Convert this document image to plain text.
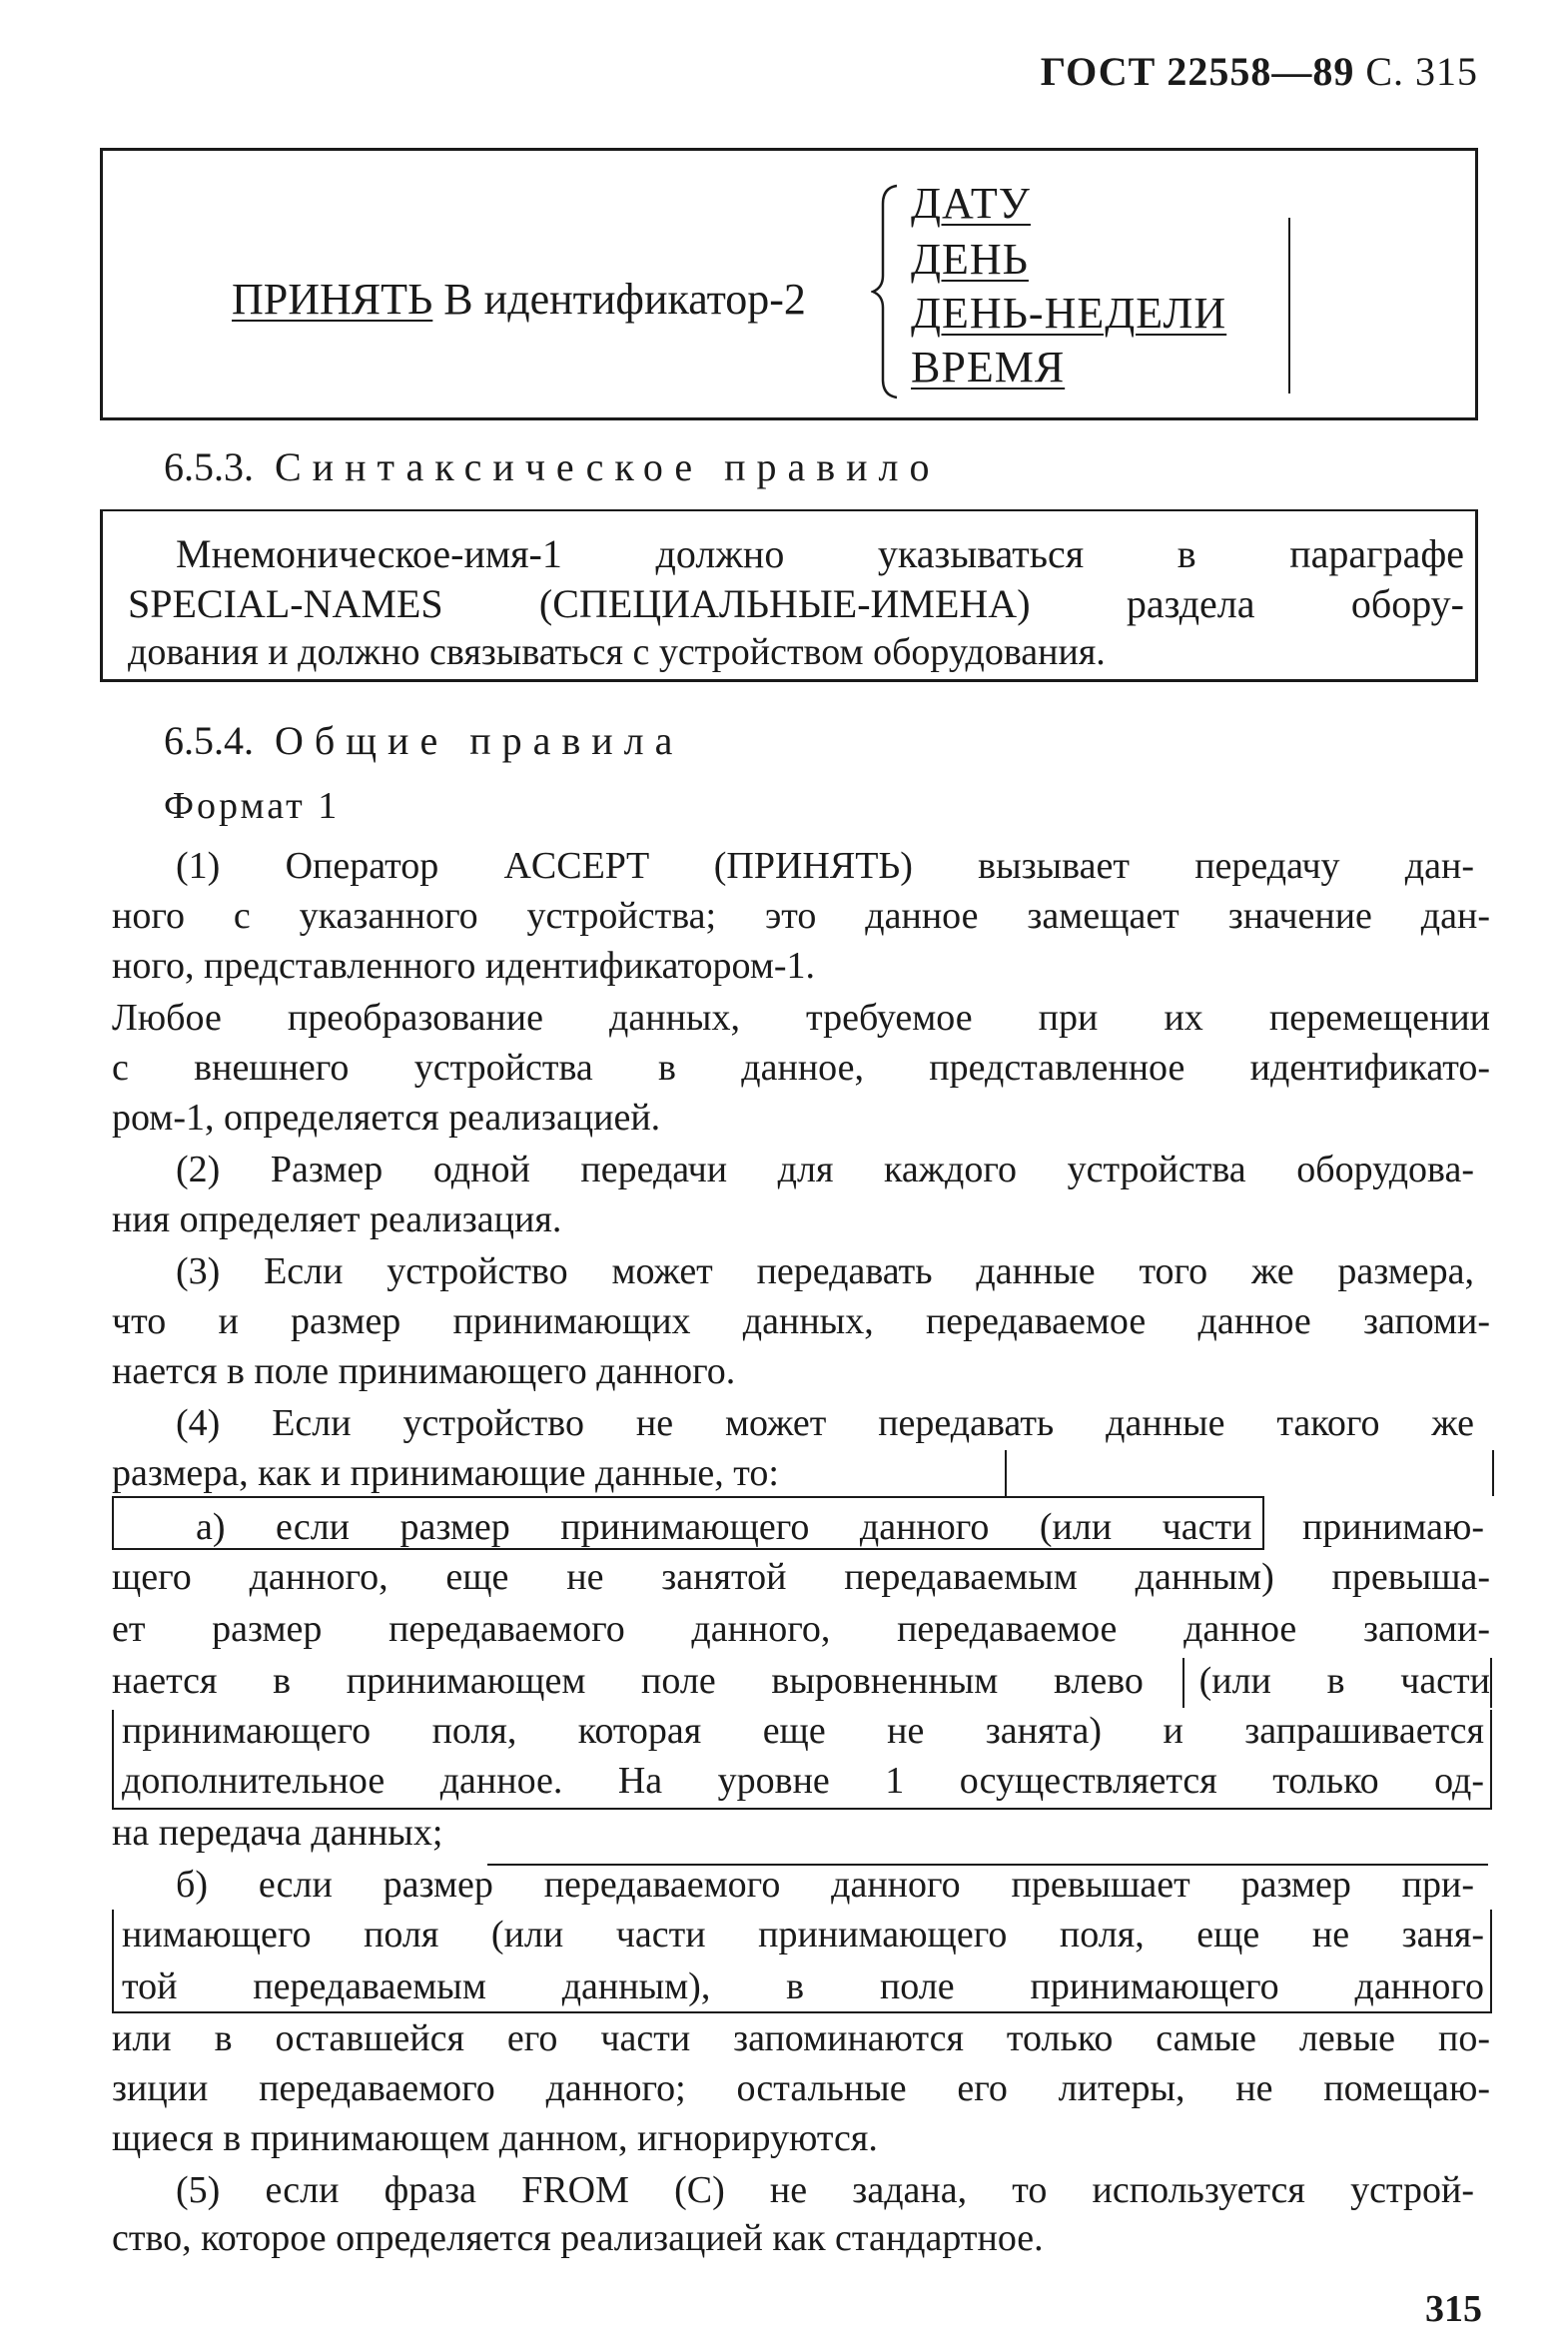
ГОСТ 22558—89 С. 315
ПРИНЯТЬ В идентификатор-2
ДАТУ
ДЕНЬ
ДЕНЬ-НЕДЕЛИ
ВРЕМЯ
6.5.3. Синтаксическое правило
Мнемоническое-имя-1 должно указываться в параграфе
SPECIAL-NAMES (СПЕЦИАЛЬНЫЕ-ИМЕНА) раздела обору-
дования и должно связываться с устройством оборудования.
6.5.4. Общие правила
Формат 1
(1) Оператор ACCEPT (ПРИНЯТЬ) вызывает передачу дан-
ного с указанного устройства; это данное замещает значение дан-
ного, представленного идентификатором-1.
Любое преобразование данных, требуемое при их перемещении
с внешнего устройства в данное, представленное идентификато-
ром-1, определяется реализацией.
(2) Размер одной передачи для каждого устройства оборудова-
ния определяет реализация.
(3) Если устройство может передавать данные того же размера,
что и размер принимающих данных, передаваемое данное запоми-
нается в поле принимающего данного.
(4) Если устройство не может передавать данные такого же
размера, как и принимающие данные, то:
а) если размер принимающего данного (или части принимаю-
щего данного, еще не занятой передаваемым данным) превыша-
ет размер передаваемого данного, передаваемое данное запоми-
нается в принимающем поле выровненным влево (или в части
принимающего поля, которая еще не занята) и запрашивается
дополнительное данное. На уровне 1 осуществляется только од-
на передача данных;
б) если размер передаваемого данного превышает размер при-
нимающего поля (или части принимающего поля, еще не заня-
той передаваемым данным), в поле принимающего данного
или в оставшейся его части запоминаются только самые левые по-
зиции передаваемого данного; остальные его литеры, не помещаю-
щиеся в принимающем данном, игнорируются.
(5) если фраза FROM (С) не задана, то используется устрой-
ство, которое определяется реализацией как стандартное.
315
